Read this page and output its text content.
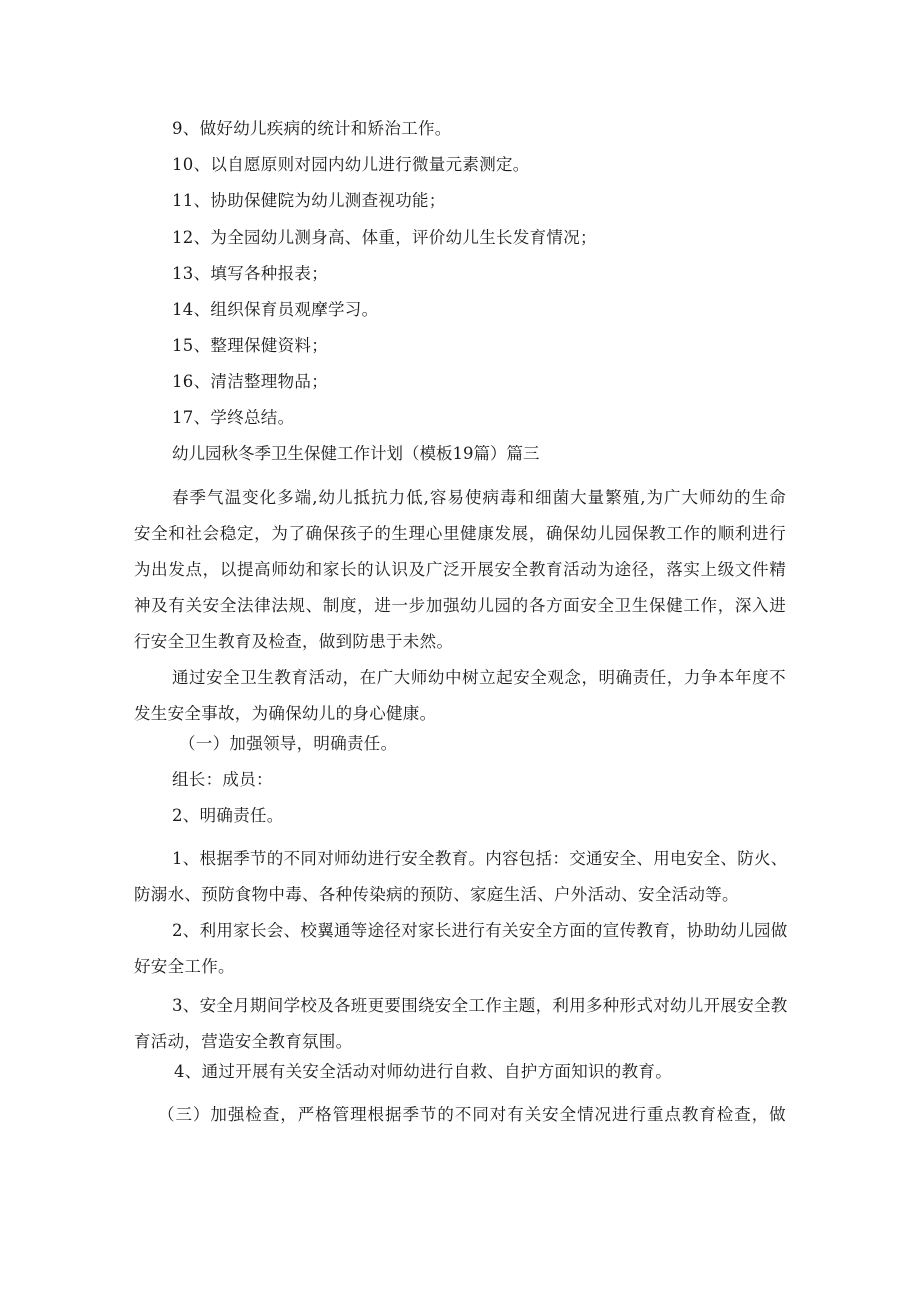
9、做好幼儿疾病的统计和矫治工作。
10、以自愿原则对园内幼儿进行微量元素测定。
11、协助保健院为幼儿测查视功能；
12、为全园幼儿测身高、体重，评价幼儿生长发育情况；
13、填写各种报表；
14、组织保育员观摩学习。
15、整理保健资料；
16、清洁整理物品；
17、学终总结。
幼儿园秋冬季卫生保健工作计划（模板19篇）篇三
春季气温变化多端,幼儿抵抗力低,容易使病毒和细菌大量繁殖,为广大师幼的生命
安全和社会稳定，为了确保孩子的生理心里健康发展，确保幼儿园保教工作的顺利进行
为出发点，以提高师幼和家长的认识及广泛开展安全教育活动为途径，落实上级文件精
神及有关安全法律法规、制度，进一步加强幼儿园的各方面安全卫生保健工作，深入进
行安全卫生教育及检查，做到防患于未然。
通过安全卫生教育活动，在广大师幼中树立起安全观念，明确责任，力争本年度不
发生安全事故，为确保幼儿的身心健康。
（一）加强领导，明确责任。
组长：成员：
2、明确责任。
1、根据季节的不同对师幼进行安全教育。内容包括：交通安全、用电安全、防火、
防溺水、预防食物中毒、各种传染病的预防、家庭生活、户外活动、安全活动等。
2、利用家长会、校翼通等途径对家长进行有关安全方面的宣传教育，协助幼儿园做
好安全工作。
3、安全月期间学校及各班更要围绕安全工作主题，利用多种形式对幼儿开展安全教
育活动，营造安全教育氛围。
4、通过开展有关安全活动对师幼进行自救、自护方面知识的教育。
（三）加强检查，严格管理根据季节的不同对有关安全情况进行重点教育检查，做
